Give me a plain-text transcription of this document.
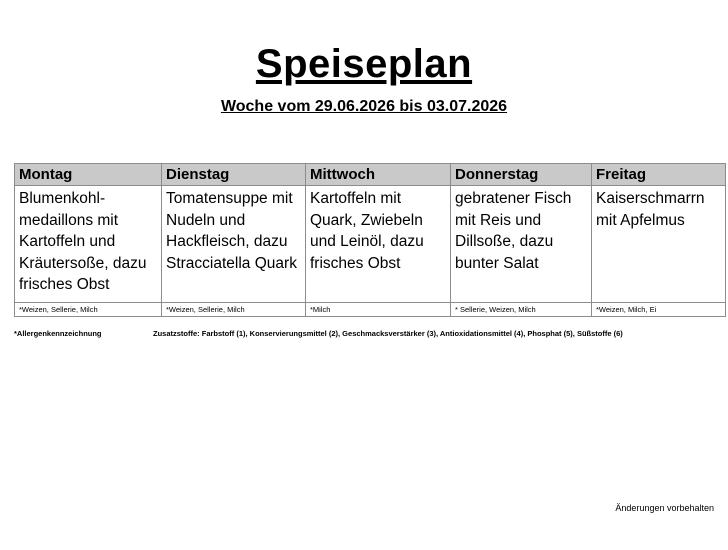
Speiseplan
Woche vom 29.06.2026 bis 03.07.2026
Montag	Dienstag	Mittwoch	Donnerstag	Freitag
Blumenkohl-medaillons mit Kartoffeln und Kräutersoße, dazu frisches Obst	Tomatensuppe mit Nudeln und Hackfleisch, dazu Stracciatella Quark	Kartoffeln mit Quark, Zwiebeln und Leinöl, dazu frisches Obst	gebratener Fisch mit Reis und Dillsoße, dazu bunter Salat	Kaiserschmarrn mit Apfelmus
*Weizen, Sellerie, Milch	*Weizen, Sellerie, Milch	*Milch	* Sellerie, Weizen, Milch	*Weizen, Milch, Ei
*Allergenkennzeichnung	Zusatzstoffe: Farbstoff (1), Konservierungsmittel (2), Geschmacksverstärker (3), Antioxidationsmittel (4), Phosphat (5), Süßstoffe (6)
Änderungen vorbehalten
